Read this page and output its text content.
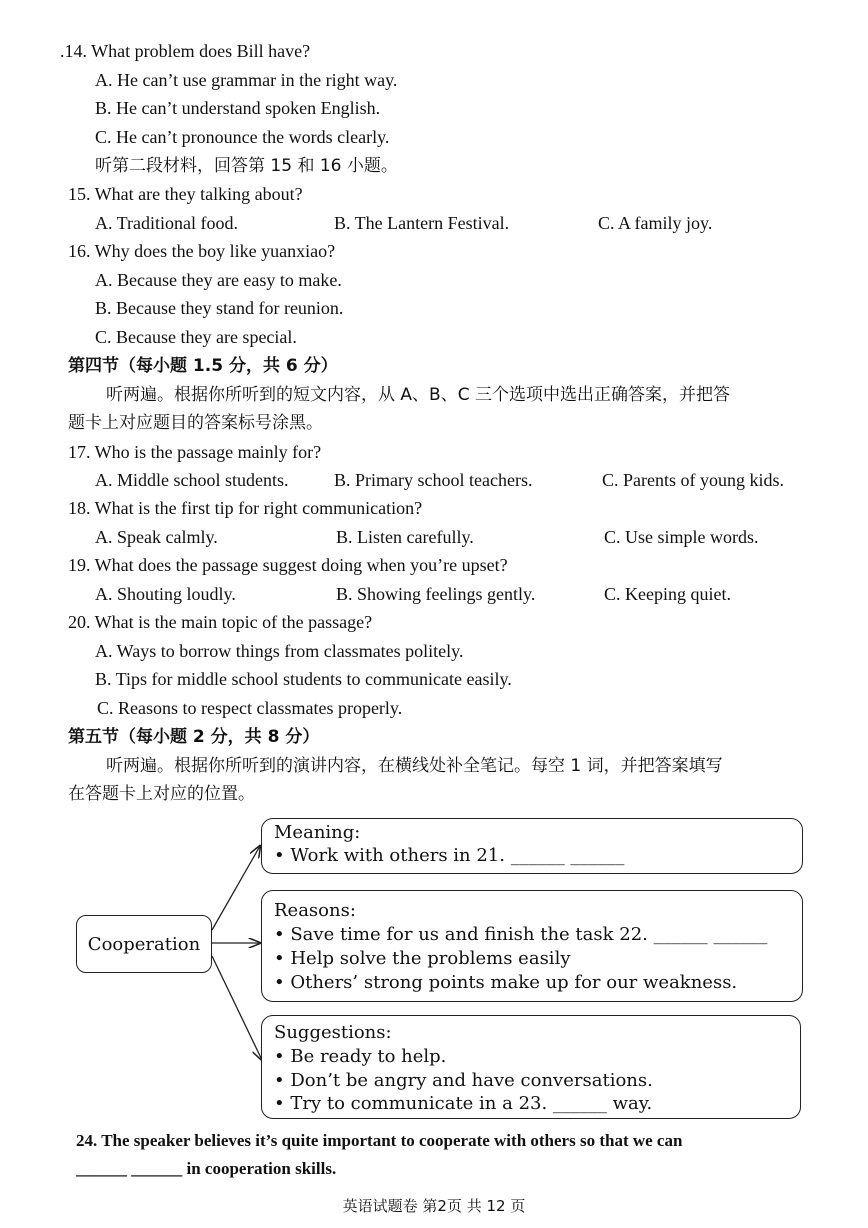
.14. What problem does Bill have?
A. He can’t use grammar in the right way.
B. He can’t understand spoken English.
C. He can’t pronounce the words clearly.
听第二段材料，回答第 15 和 16 小题。
15. What are they talking about?
A. Traditional food.	B. The Lantern Festival.	C. A family joy.
16. Why does the boy like yuanxiao?
A. Because they are easy to make.
B. Because they stand for reunion.
C. Because they are special.
第四节（每小题 1.5 分，共 6 分）
听两遍。根据你所听到的短文内容，从 A、B、C 三个选项中选出正确答案，并把答
题卡上对应题目的答案标号涂黑。
17. Who is the passage mainly for?
A. Middle school students.	B. Primary school teachers.	C. Parents of young kids.
18. What is the first tip for right communication?
A. Speak calmly.	B. Listen carefully.	C. Use simple words.
19. What does the passage suggest doing when you’re upset?
A. Shouting loudly.	B. Showing feelings gently.	C. Keeping quiet.
20. What is the main topic of the passage?
A. Ways to borrow things from classmates politely.
B. Tips for middle school students to communicate easily.
C. Reasons to respect classmates properly.
第五节（每小题 2 分，共 8 分）
听两遍。根据你所听到的演讲内容，在横线处补全笔记。每空 1 词，并把答案填写
在答题卡上对应的位置。
Cooperation
Meaning:
• Work with others in 21. ______ ______
Reasons:
• Save time for us and finish the task 22. ______ ______
• Help solve the problems easily
• Others’ strong points make up for our weakness.
Suggestions:
• Be ready to help.
• Don’t be angry and have conversations.
• Try to communicate in a 23. ______ way.
24. The speaker believes it’s quite important to cooperate with others so that we can
______ ______ in cooperation skills.
英语试题卷 第2页 共 12 页
